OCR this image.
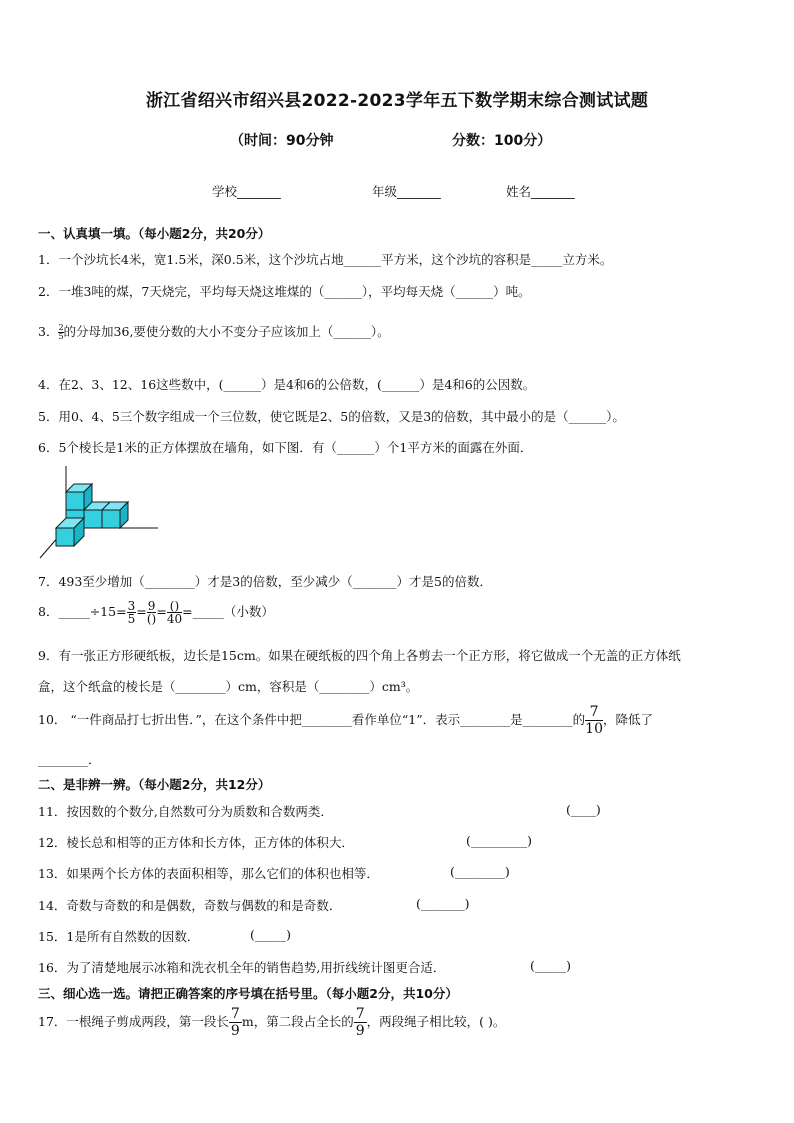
浙江省绍兴市绍兴县2022-2023学年五下数学期末综合测试试题
（时间：90分钟	分数：100分）
学校_______	年级_______	姓名_______
一、认真填一填。（每小题2分，共20分）
1．一个沙坑长4米，宽1.5米，深0.5米，这个沙坑占地______平方米，这个沙坑的容积是_____立方米。
2．一堆3吨的煤，7天烧完，平均每天烧这堆煤的（______），平均每天烧（______）吨。
3． $\frac{2}{5}$ 的分母加36,要使分数的大小不变分子应该加上（______）。
4．在2、3、12、16这些数中，(______）是4和6的公倍数，(______）是4和6的公因数。
5．用0、4、5三个数字组成一个三位数，使它既是2、5的倍数，又是3的倍数，其中最小的是（______）。
6．5个棱长是1米的正方体摆放在墙角，如下图．有（______）个1平方米的面露在外面．
7．493至少增加（________）才是3的倍数，至少减少（_______）才是5的倍数．
8．_____÷15= $\frac{3}{5} = \frac{9}{()} = \frac{()}{40}$ =_____（小数）
9．有一张正方形硬纸板，边长是15cm。如果在硬纸板的四个角上各剪去一个正方形，将它做成一个无盖的正方体纸
盒，这个纸盒的棱长是（________）cm，容积是（________）cm³。
10． “一件商品打七折出售．”，在这个条件中把________看作单位“1”．表示________是________的 $\frac{7}{10}$ ，降低了
________．
二、是非辨一辨。（每小题2分，共12分）
11．按因数的个数分,自然数可分为质数和合数两类．	(____)
12．棱长总和相等的正方体和长方体，正方体的体积大．	(_________)
13．如果两个长方体的表面积相等，那么它们的体积也相等．	(________)
14．奇数与奇数的和是偶数，奇数与偶数的和是奇数．	(_______)
15．1是所有自然数的因数．	(_____)
16．为了清楚地展示冰箱和洗衣机全年的销售趋势,用折线统计图更合适．	(_____)
三、细心选一选。请把正确答案的序号填在括号里。（每小题2分，共10分）
17．一根绳子剪成两段，第一段长 $\frac{7}{9}$ m，第二段占全长的 $\frac{7}{9}$ ，两段绳子相比较，( )。
